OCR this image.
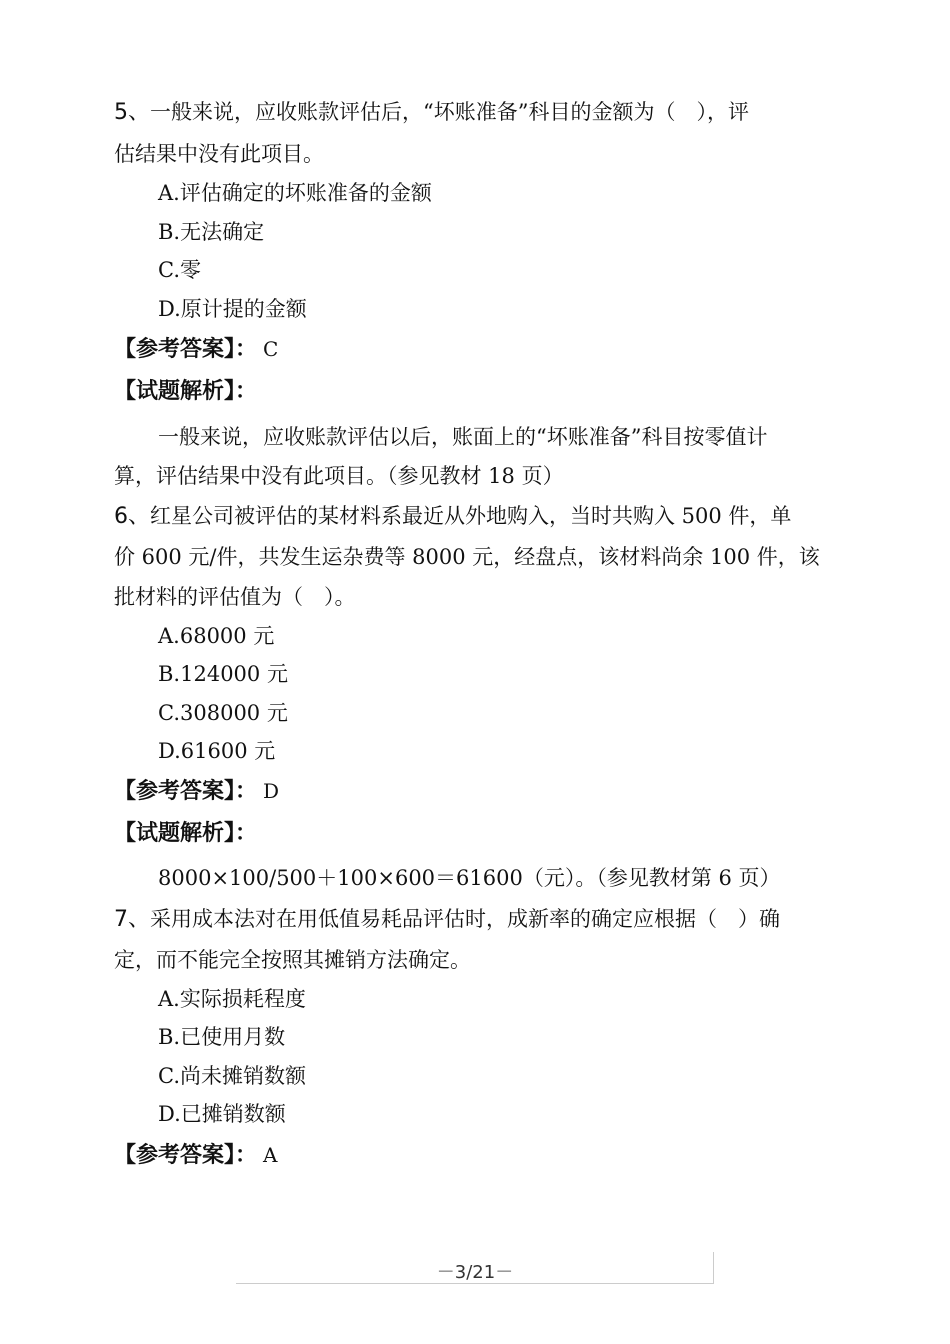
5、一般来说，应收账款评估后，“坏账准备”科目的金额为（　），评
估结果中没有此项目。
A.评估确定的坏账准备的金额
B.无法确定
C.零
D.原计提的金额
【参考答案】： C
【试题解析】：
一般来说，应收账款评估以后，账面上的“坏账准备”科目按零值计
算，评估结果中没有此项目。（参见教材 18 页）
6、红星公司被评估的某材料系最近从外地购入，当时共购入 500 件，单
价 600 元/件，共发生运杂费等 8000 元，经盘点，该材料尚余 100 件，该
批材料的评估值为（　）。
A.68000 元
B.124000 元
C.308000 元
D.61600 元
【参考答案】： D
【试题解析】：
8000×100/500＋100×600＝61600（元）。（参见教材第 6 页）
7、采用成本法对在用低值易耗品评估时，成新率的确定应根据（　）确
定，而不能完全按照其摊销方法确定。
A.实际损耗程度
B.已使用月数
C.尚未摊销数额
D.已摊销数额
【参考答案】： A
－3/21－
